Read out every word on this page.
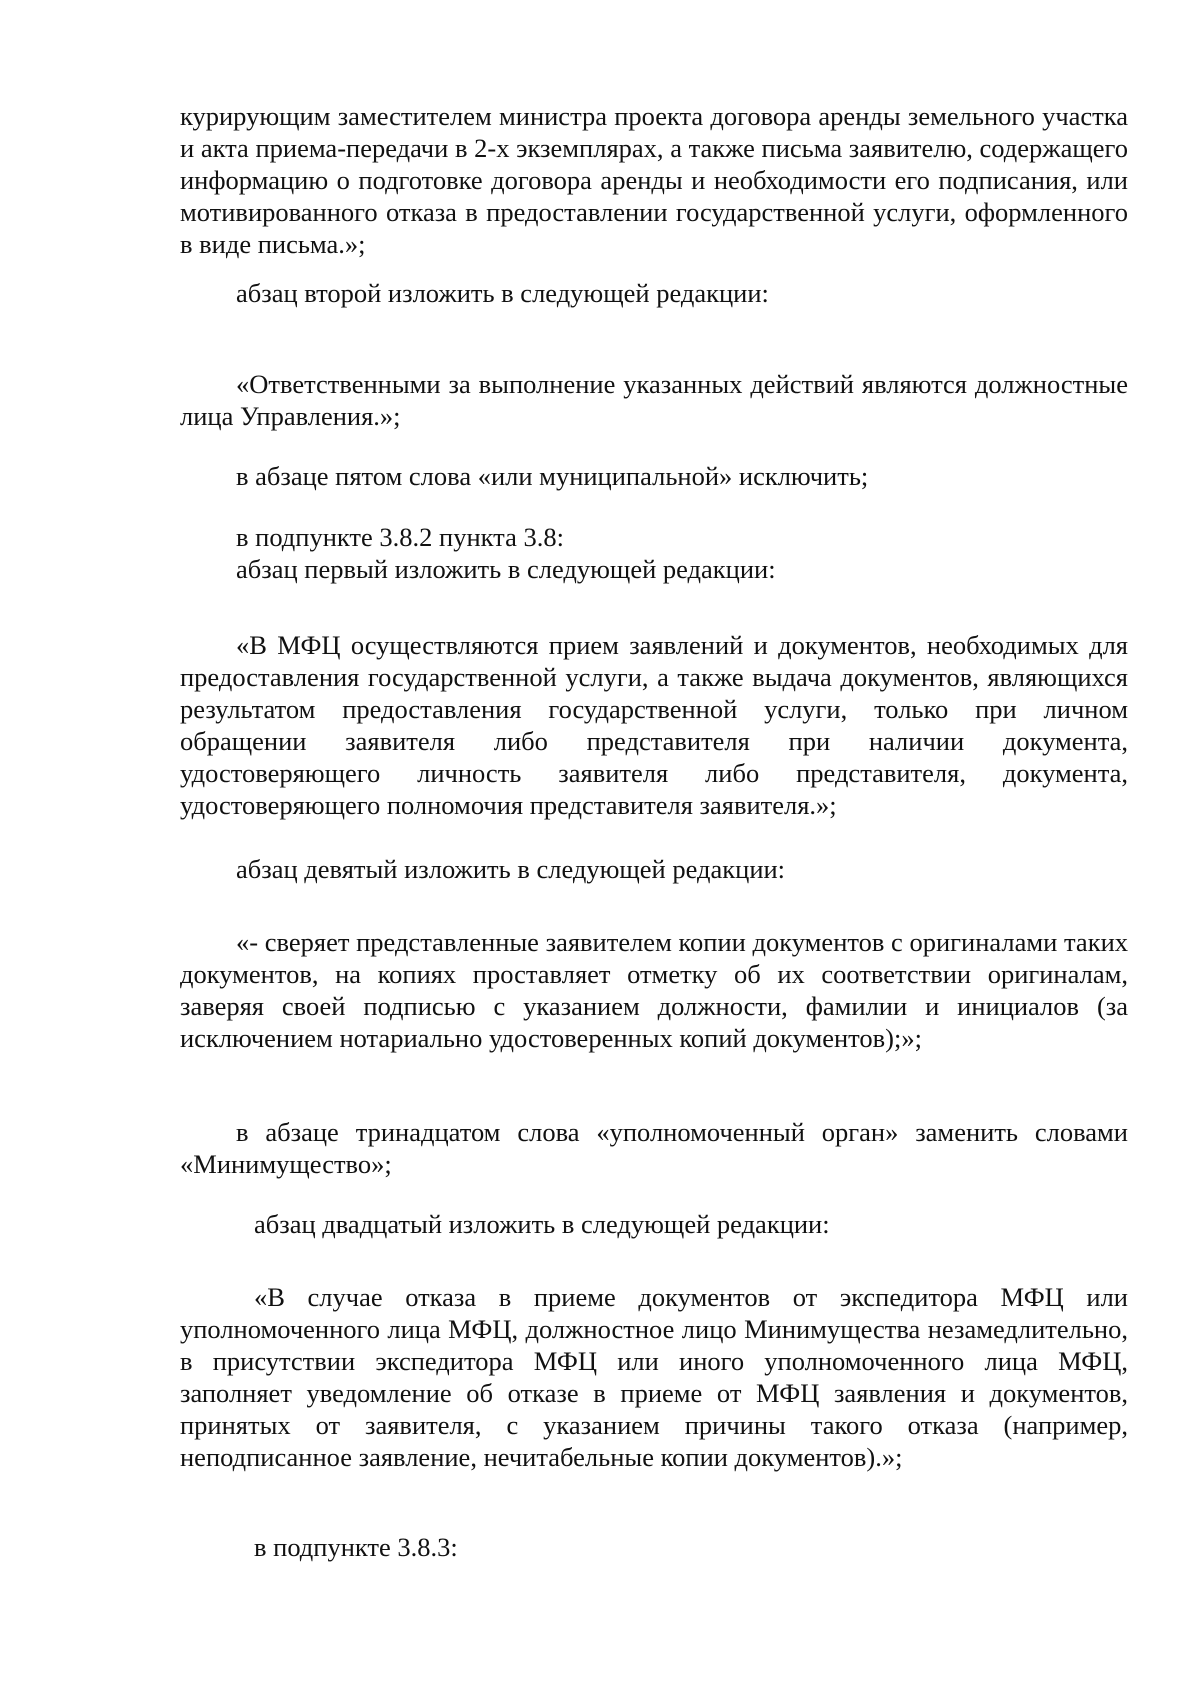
курирующим заместителем министра проекта договора аренды земельного участка и акта приема-передачи в 2-х экземплярах, а также письма заявителю, содержащего информацию о подготовке договора аренды и необходимости его подписания, или мотивированного отказа в предоставлении государственной услуги, оформленного в виде письма.»;

абзац второй изложить в следующей редакции:

«Ответственными за выполнение указанных действий являются должностные лица Управления.»;

в абзаце пятом слова «или муниципальной» исключить;

в подпункте 3.8.2 пункта 3.8:

абзац первый изложить в следующей редакции:

«В МФЦ осуществляются прием заявлений и документов, необходимых для предоставления государственной услуги, а также выдача документов, являющихся результатом предоставления государственной услуги, только при личном обращении заявителя либо представителя при наличии документа, удостоверяющего личность заявителя либо представителя, документа, удостоверяющего полномочия представителя заявителя.»;

абзац девятый изложить в следующей редакции:

«- сверяет представленные заявителем копии документов с оригиналами таких документов, на копиях проставляет отметку об их соответствии оригиналам, заверяя своей подписью с указанием должности, фамилии и инициалов (за исключением нотариально удостоверенных копий документов);»;

в абзаце тринадцатом слова «уполномоченный орган» заменить словами «Минимущество»;

абзац двадцатый изложить в следующей редакции:

«В случае отказа в приеме документов от экспедитора МФЦ или уполномоченного лица МФЦ, должностное лицо Минимущества незамедлительно, в присутствии экспедитора МФЦ или иного уполномоченного лица МФЦ, заполняет уведомление об отказе в приеме от МФЦ заявления и документов, принятых от заявителя, с указанием причины такого отказа (например, неподписанное заявление, нечитабельные копии документов).»;

в подпункте 3.8.3:
